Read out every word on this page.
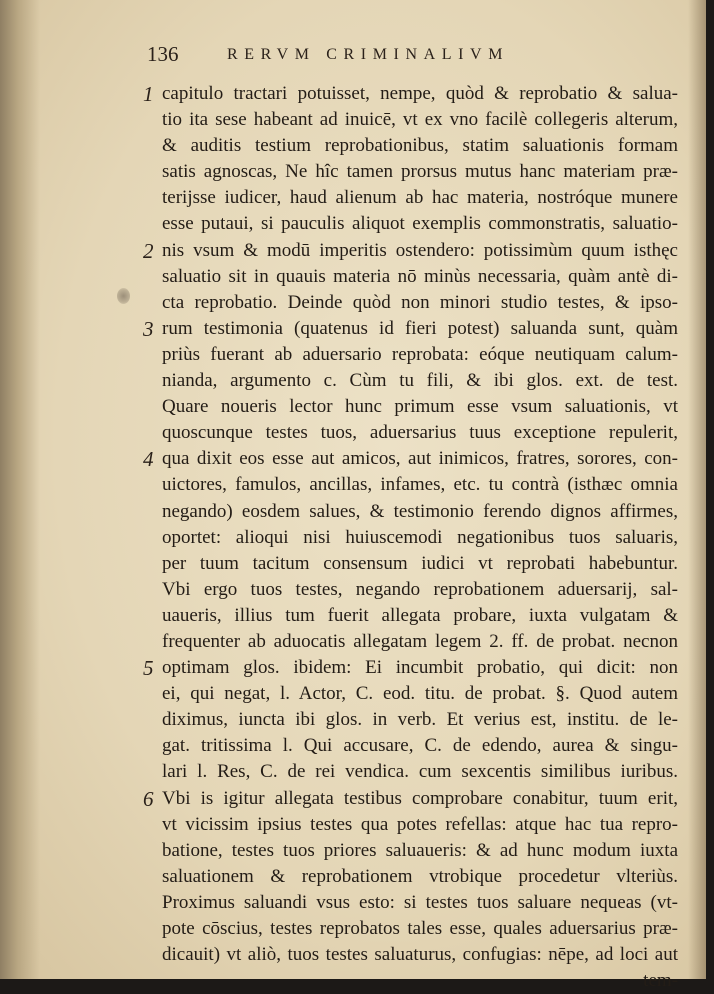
136	RERVM CRIMINALIVM
1 capitulo tractari potuisset, nempe, quòd & reprobatio & salua-
tio ita sese habeant ad inuicē, vt ex vno facilè collegeris alterum,
& auditis testium reprobationibus, statim saluationis formam
satis agnoscas, Ne hîc tamen prorsus mutus hanc materiam præ-
terijsse iudicer, haud alienum ab hac materia, nostróque munere
esse putaui, si pauculis aliquot exemplis commonstratis, saluatio-
2 nis vsum & modū imperitis ostendero: potissimùm quum isthęc
saluatio sit in quauis materia nō minùs necessaria, quàm antè di-
cta reprobatio. Deinde quòd non minori studio testes, & ipso-
3 rum testimonia (quatenus id fieri potest) saluanda sunt, quàm
priùs fuerant ab aduersario reprobata: eóque neutiquam calum-
nianda, argumento c. Cùm tu fili, & ibi glos. ext. de test.
Quare noueris lector hunc primum esse vsum saluationis, vt
quoscunque testes tuos, aduersarius tuus exceptione repulerit,
4 qua dixit eos esse aut amicos, aut inimicos, fratres, sorores, con-
uictores, famulos, ancillas, infames, etc. tu contrà (isthæc omnia
negando) eosdem salues, & testimonio ferendo dignos affirmes,
oportet: alioqui nisi huiuscemodi negationibus tuos saluaris,
per tuum tacitum consensum iudici vt reprobati habebuntur.
Vbi ergo tuos testes, negando reprobationem aduersarij, sal-
uaueris, illius tum fuerit allegata probare, iuxta vulgatam &
frequenter ab aduocatis allegatam legem 2. ff. de probat. necnon
5 optimam glos. ibidem: Ei incumbit probatio, qui dicit: non
ei, qui negat, l. Actor, C. eod. titu. de probat. §. Quod autem
diximus, iuncta ibi glos. in verb. Et verius est, institu. de le-
gat. tritissima l. Qui accusare, C. de edendo, aurea & singu-
lari l. Res, C. de rei vendica. cum sexcentis similibus iuribus.
6 Vbi is igitur allegata testibus comprobare conabitur, tuum erit,
vt vicissim ipsius testes qua potes refellas: atque hac tua repro-
batione, testes tuos priores saluaueris: & ad hunc modum iuxta
saluationem & reprobationem vtrobique procedetur vlteriùs.
Proximus saluandi vsus esto: si testes tuos saluare nequeas (vt-
pote cōscius, testes reprobatos tales esse, quales aduersarius præ-
dicauit) vt aliò, tuos testes saluaturus, confugias: nēpe, ad loci aut
tem-
